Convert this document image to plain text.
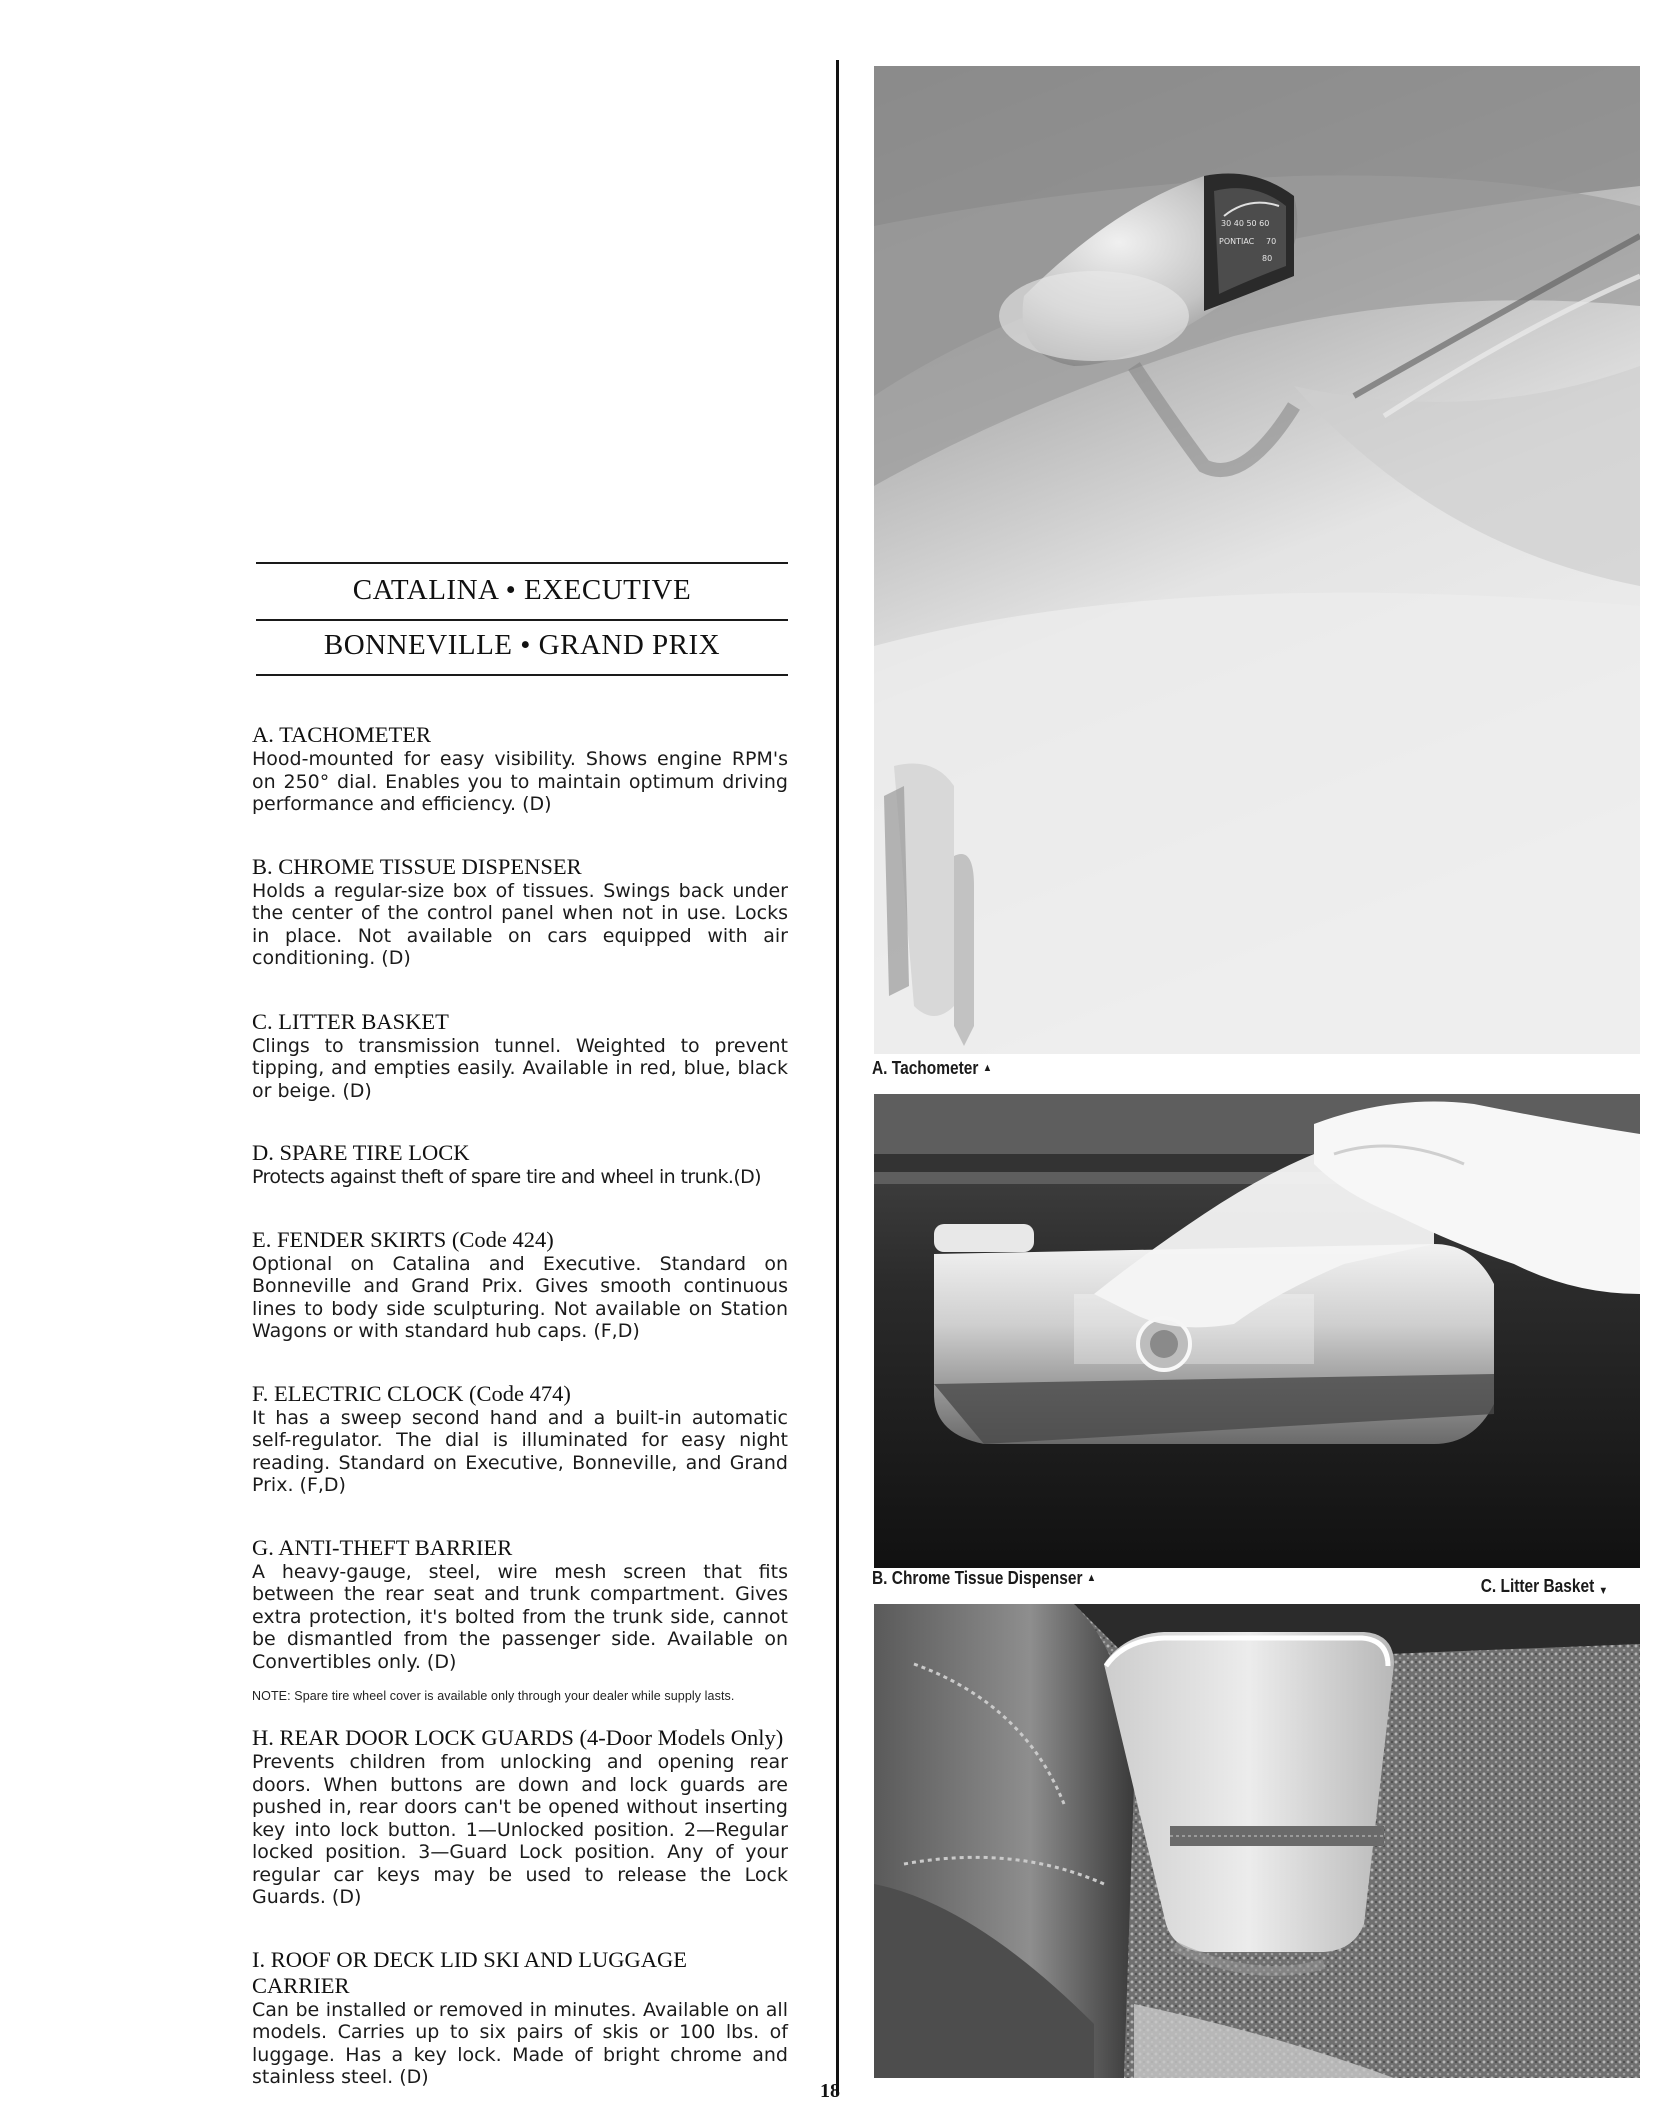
CATALINA • EXECUTIVE
BONNEVILLE • GRAND PRIX
A. TACHOMETER
Hood-mounted for easy visibility. Shows engine RPM's on 250° dial. Enables you to maintain optimum driving performance and efficiency. (D)
B. CHROME TISSUE DISPENSER
Holds a regular-size box of tissues. Swings back under the center of the control panel when not in use. Locks in place. Not available on cars equipped with air conditioning. (D)
C. LITTER BASKET
Clings to transmission tunnel. Weighted to prevent tipping, and empties easily. Available in red, blue, black or beige. (D)
D. SPARE TIRE LOCK
Protects against theft of spare tire and wheel in trunk.(D)
E. FENDER SKIRTS (Code 424)
Optional on Catalina and Executive. Standard on Bonneville and Grand Prix. Gives smooth continuous lines to body side sculpturing. Not available on Station Wagons or with standard hub caps. (F,D)
F. ELECTRIC CLOCK (Code 474)
It has a sweep second hand and a built-in automatic self-regulator. The dial is illuminated for easy night reading. Standard on Executive, Bonneville, and Grand Prix. (F,D)
G. ANTI-THEFT BARRIER
A heavy-gauge, steel, wire mesh screen that fits between the rear seat and trunk compartment. Gives extra protection, it's bolted from the trunk side, cannot be dismantled from the passenger side. Available on Convertibles only. (D)
NOTE: Spare tire wheel cover is available only through your dealer while supply lasts.
H. REAR DOOR LOCK GUARDS (4-Door Models Only)
Prevents children from unlocking and opening rear doors. When buttons are down and lock guards are pushed in, rear doors can't be opened without inserting key into lock button. 1—Unlocked position. 2—Regular locked position. 3—Guard Lock position. Any of your regular car keys may be used to release the Lock Guards. (D)
I. ROOF OR DECK LID SKI AND LUGGAGE CARRIER
Can be installed or removed in minutes. Available on all models. Carries up to six pairs of skis or 100 lbs. of luggage. Has a key lock. Made of bright chrome and stainless steel. (D)
18
30 40 50 60
PONTIAC 70
80
A. Tachometer ▲
B. Chrome Tissue Dispenser ▲	C. Litter Basket ▼
